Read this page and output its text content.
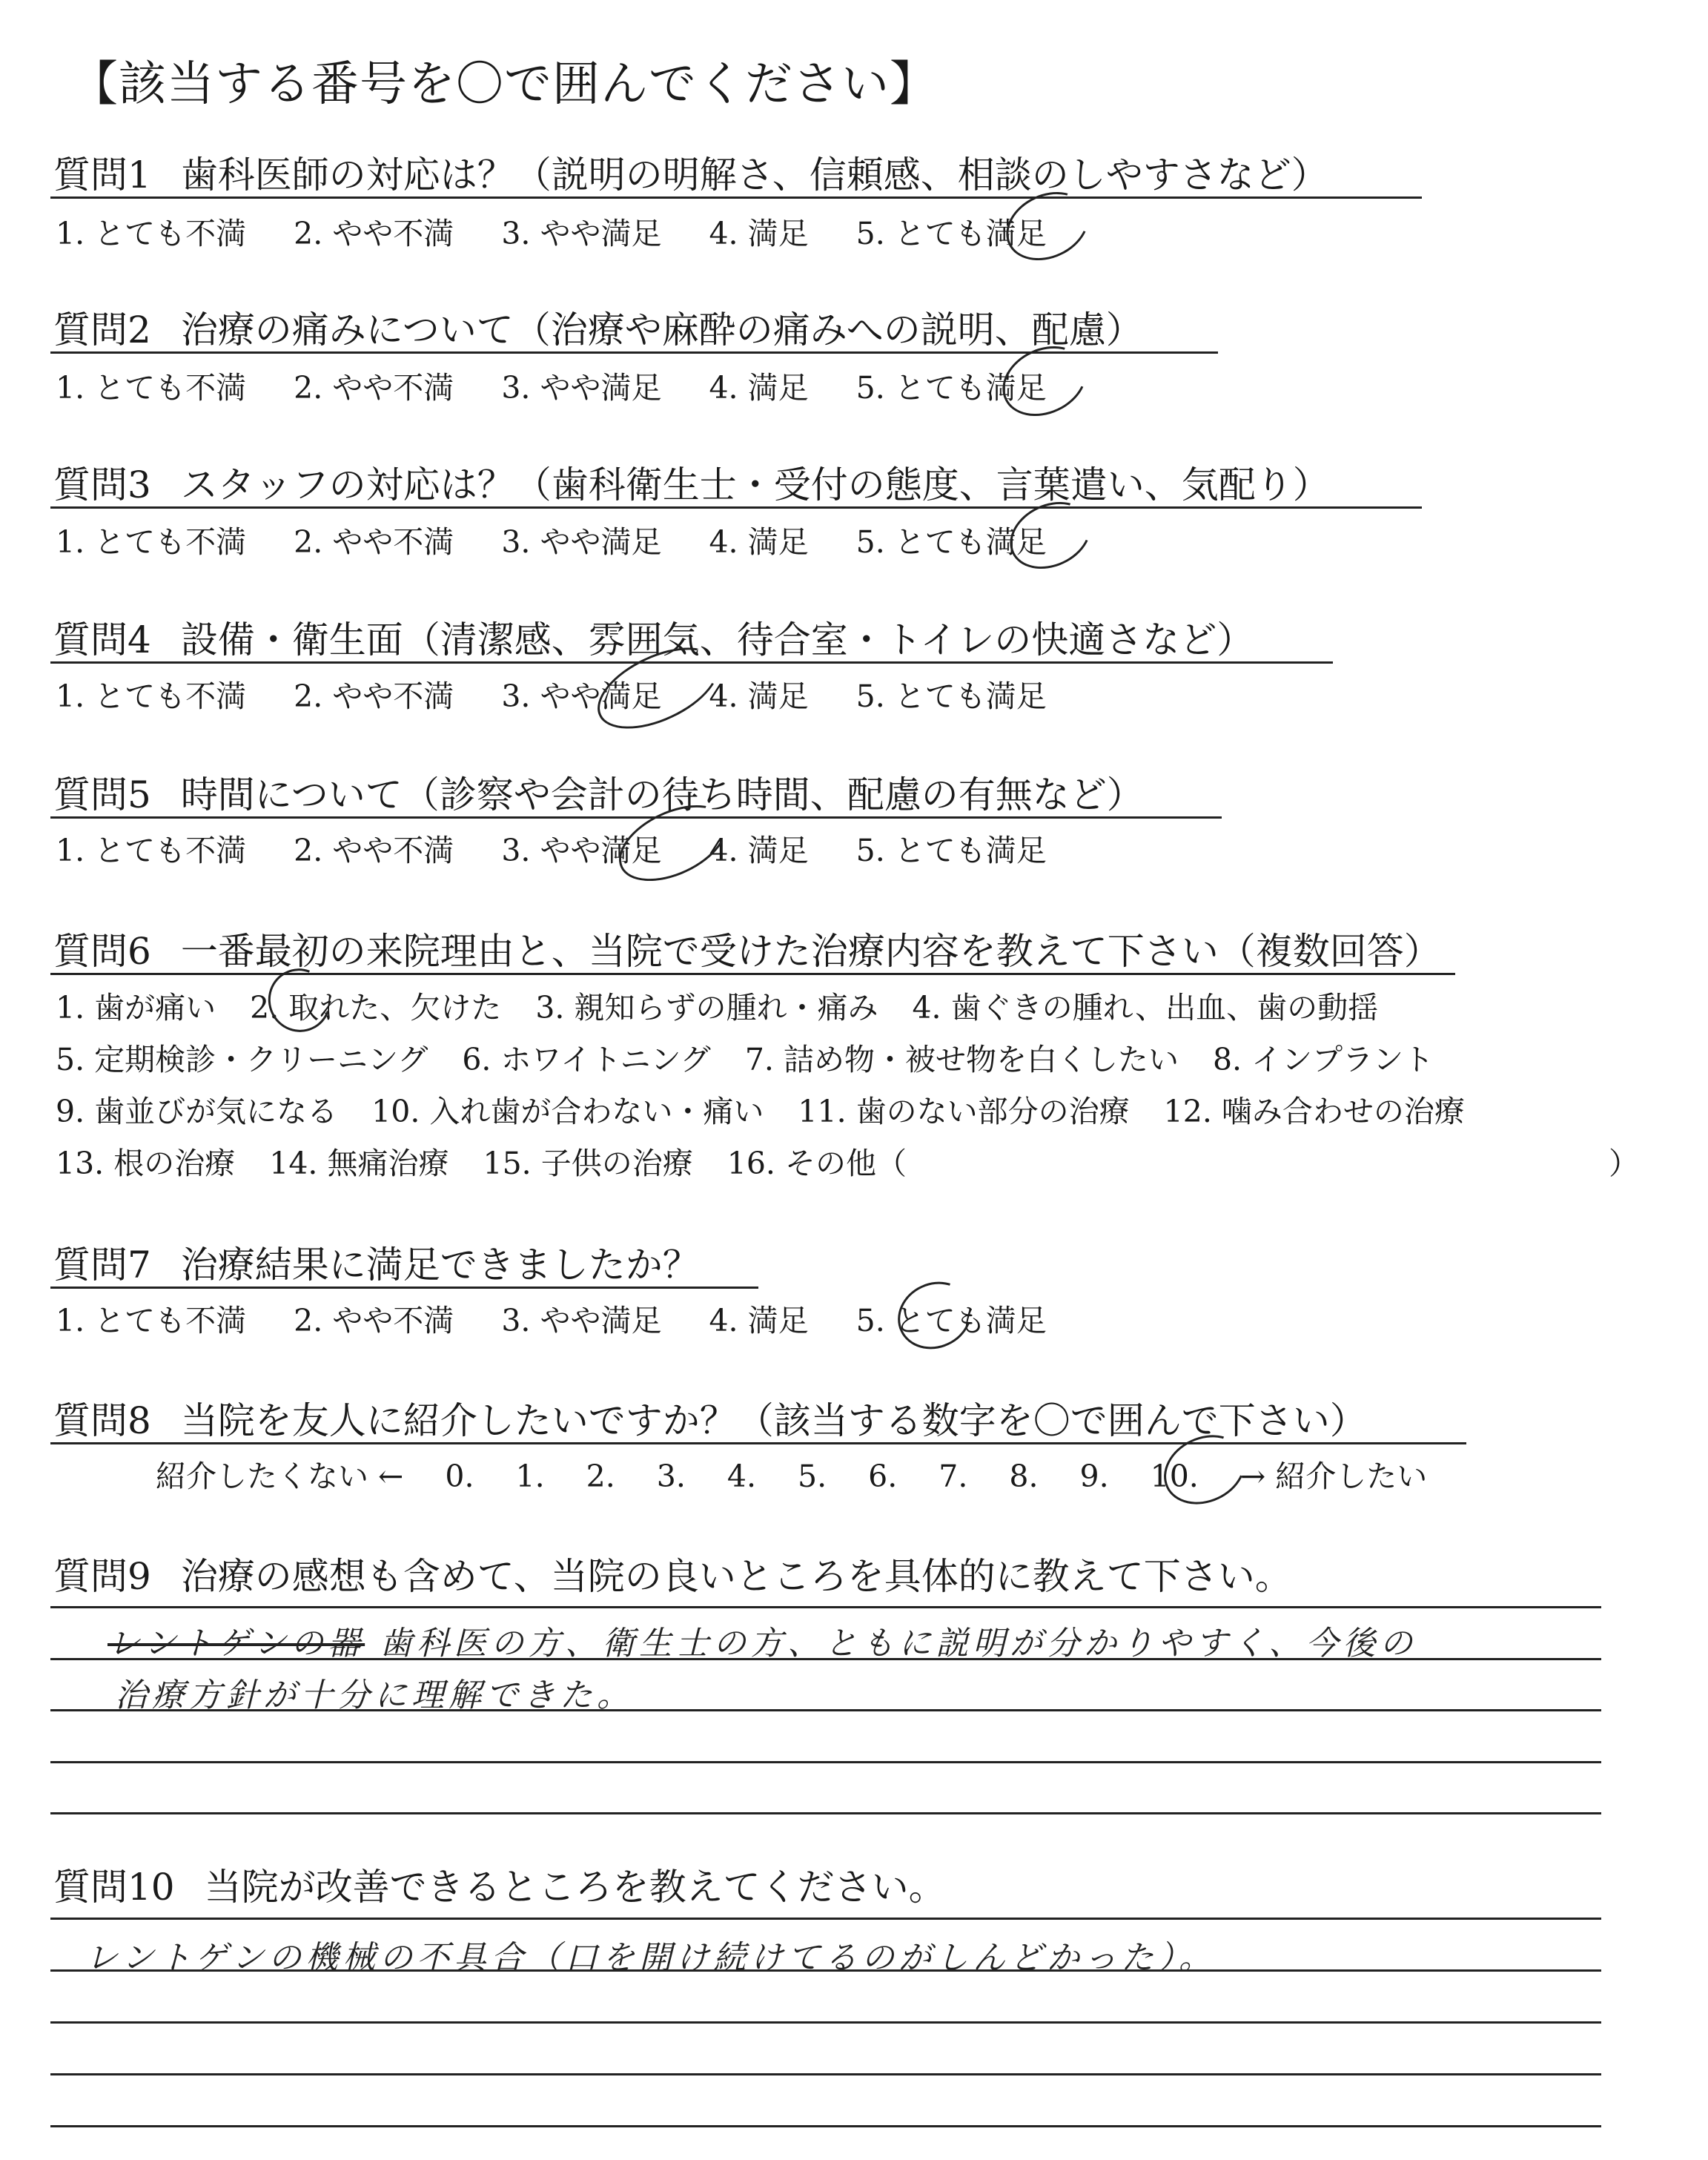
【該当する番号を〇で囲んでください】
質問1 歯科医師の対応は？（説明の明解さ、信頼感、相談のしやすさなど）
1. とても不満 2. やや不満 3. やや満足 4. 満足 5. とても満足
質問2 治療の痛みについて（治療や麻酔の痛みへの説明、配慮）
1. とても不満 2. やや不満 3. やや満足 4. 満足 5. とても満足
質問3 スタッフの対応は？（歯科衛生士・受付の態度、言葉遣い、気配り）
1. とても不満 2. やや不満 3. やや満足 4. 満足 5. とても満足
質問4 設備・衛生面（清潔感、雰囲気、待合室・トイレの快適さなど）
1. とても不満 2. やや不満 3. やや満足 4. 満足 5. とても満足
質問5 時間について（診察や会計の待ち時間、配慮の有無など）
1. とても不満 2. やや不満 3. やや満足 4. 満足 5. とても満足
質問6 一番最初の来院理由と、当院で受けた治療内容を教えて下さい（複数回答）
1. 歯が痛い 2. 取れた、欠けた 3. 親知らずの腫れ・痛み 4. 歯ぐきの腫れ、出血、歯の動揺
5. 定期検診・クリーニング 6. ホワイトニング 7. 詰め物・被せ物を白くしたい 8. インプラント
9. 歯並びが気になる 10. 入れ歯が合わない・痛い 11. 歯のない部分の治療 12. 噛み合わせの治療
13. 根の治療 14. 無痛治療 15. 子供の治療 16. その他（	）
質問7 治療結果に満足できましたか？
1. とても不満 2. やや不満 3. やや満足 4. 満足 5. とても満足
質問8 当院を友人に紹介したいですか？（該当する数字を〇で囲んで下さい）
紹介したくない ← 0. 1. 2. 3. 4. 5. 6. 7. 8. 9. 10. → 紹介したい
質問9 治療の感想も含めて、当院の良いところを具体的に教えて下さい。
レントゲンの器 歯科医の方、衛生士の方、ともに説明が分かりやすく、今後の
治療方針が十分に理解できた。
質問10 当院が改善できるところを教えてください。
レントゲンの機械の不具合（口を開け続けてるのがしんどかった）。
